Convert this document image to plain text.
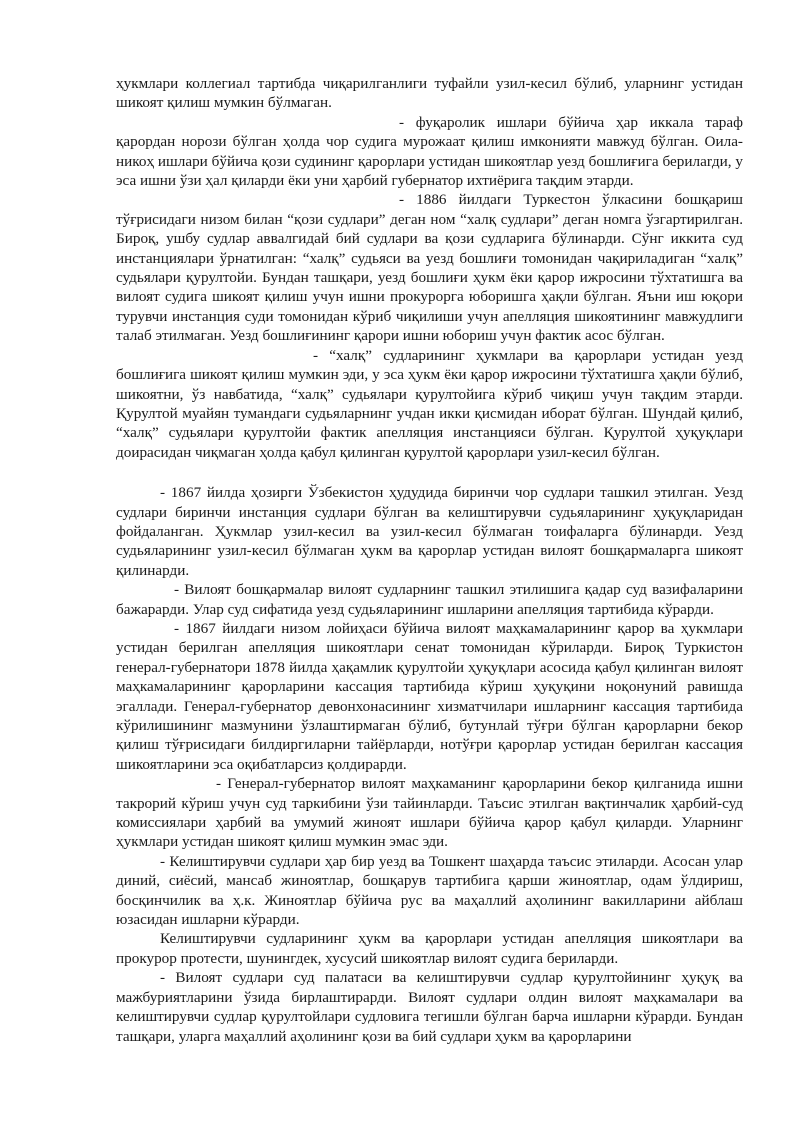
ҳукмлари коллегиал тартибда чиқарилганлиги туфайли узил-кесил бўлиб, уларнинг устидан шикоят қилиш мумкин бўлмаган.

- фуқаролик ишлари бўйича ҳар иккала тараф қарордан норози бўлган ҳолда чор судига мурожаат қилиш имконияти мавжуд бўлган. Оила-никоҳ ишлари бўйича қози судининг қарорлари устидан шикоятлар уезд бошлиғига берилarди, у эса ишни ўзи ҳал қиларди ёки уни ҳарбий губернатор ихтиёрига тақдим этарди.

- 1886 йилдаги Туркестон ўлкасини бошқариш тўғрисидаги низом билан “қози судлари” деган ном “халқ судлари” деган номга ўзгартирилган. Бироқ, ушбу судлар аввалгидай бий судлари ва қози судларига бўлинарди. Сўнг иккита суд инстанциялари ўрнатилган: “халқ” судьяси ва уезд бошлиғи томонидан чақириладиган “халқ” судьялари қурултойи. Бундан ташқари, уезд бошлиғи ҳукм ёки қарор ижросини тўхтатишга ва вилоят судига шикоят қилиш учун ишни прокурорга юборишга ҳақли бўлган. Яъни иш юқори турувчи инстанция суди томонидан кўриб чиқилиши учун апелляция шикоятининг мавжудлиги талаб этилмаган. Уезд бошлиғининг қарори ишни юбориш учун фактик асос бўлган.

- “халқ” судларининг ҳукмлари ва қарорлари устидан уезд бошлиғига шикоят қилиш мумкин эди, у эса ҳукм ёки қарор ижросини тўхтатишга ҳақли бўлиб, шикоятни, ўз навбатида, “халқ” судьялари қурултойига кўриб чиқиш учун тақдим этарди. Қурултой муайян тумандаги судьяларнинг учдан икки қисмидан иборат бўлган. Шундай қилиб, “халқ” судьялари қурултойи фактик апелляция инстанцияси бўлган. Қурултой ҳуқуқлари доирасидан чиқмаган ҳолда қабул қилинган қурултой қарорлари узил-кесил бўлган.

- 1867 йилда ҳозирги Ўзбекистон ҳудудида биринчи чор судлари ташкил этилган. Уезд судлари биринчи инстанция судлари бўлган ва келиштирувчи судьяларининг ҳуқуқларидан фойдаланган. Ҳукмлар узил-кесил ва узил-кесил бўлмаган тоифаларга бўлинарди. Уезд судьяларининг узил-кесил бўлмаган ҳукм ва қарорлар устидан вилоят бошқармаларга шикоят қилинарди.

- Вилоят бошқармалар вилоят судларнинг ташкил этилишига қадар суд вазифаларини бажарарди. Улар суд сифатида уезд судьяларининг ишларини апелляция тартибида кўрарди.

- 1867 йилдаги низом лойиҳаси бўйича вилоят маҳкамаларининг қарор ва ҳукмлари устидан берилган апелляция шикоятлари сенат томонидан кўриларди. Бироқ Туркистон генерал-губернатори 1878 йилда ҳақамлик қурултойи ҳуқуқлари асосида қабул қилинган вилоят маҳкамаларининг қарорларини кассация тартибида кўриш ҳуқуқини ноқонуний равишда эгаллади. Генерал-губернатор девонхонасининг хизматчилари ишларнинг кассация тартибида кўрилишининг мазмунини ўзлаштирмаган бўлиб, бутунлай тўғри бўлган қарорларни бекор қилиш тўғрисидаги билдиргиларни тайёрларди, нотўғри қарорлар устидан берилган кассация шикоятларини эса оқибатларсиз қолдирарди.

- Генерал-губернатор вилоят маҳкаманинг қарорларини бекор қилганида ишни такрорий кўриш учун суд таркибини ўзи тайинларди. Таъсис этилган вақтинчалик ҳарбий-суд комиссиялари ҳарбий ва умумий жиноят ишлари бўйича қарор қабул қиларди. Уларнинг ҳукмлари устидан шикоят қилиш мумкин эмас эди.

- Келиштирувчи судлари ҳар бир уезд ва Тошкент шаҳарда таъсис этиларди. Асосан улар диний, сиёсий, мансаб жиноятлар, бошқарув тартибига қарши жиноятлар, одам ўлдириш, босқинчилик ва ҳ.к. Жиноятлар бўйича рус ва маҳаллий аҳолининг вакилларини айблаш юзасидан ишларни кўрарди.

Келиштирувчи судларининг ҳукм ва қарорлари устидан апелляция шикоятлари ва прокурор протести, шунингдек, хусусий шикоятлар вилоят судига бериларди.

- Вилоят судлари суд палатаси ва келиштирувчи судлар қурултойининг ҳуқуқ ва мажбуриятларини ўзида бирлаштирарди. Вилоят судлари олдин вилоят маҳкамалари ва келиштирувчи судлар қурултойлари судловига тегишли бўлган барча ишларни кўрарди. Бундан ташқари, уларга маҳаллий аҳолининг қози ва бий судлари ҳукм ва қарорларини
